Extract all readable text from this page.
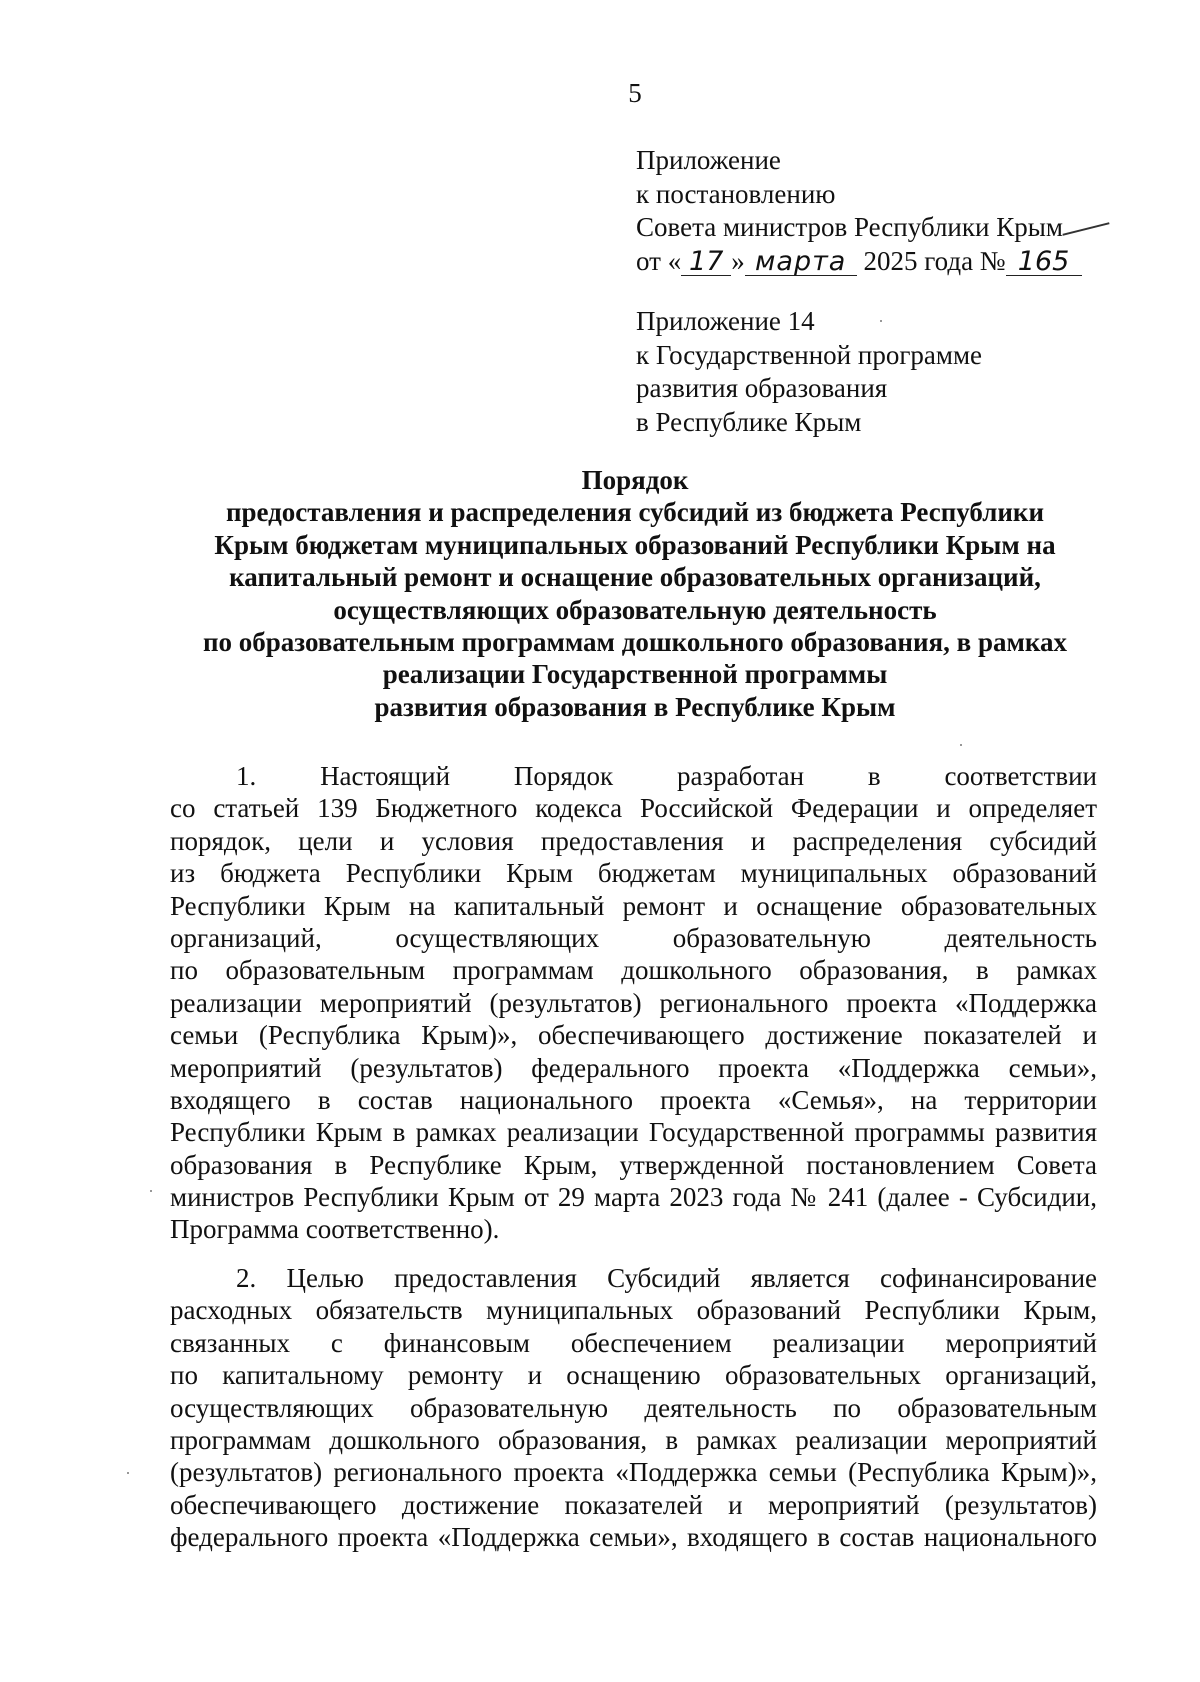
5

Приложение
к постановлению
Совета министров Республики Крым
от « 17 » марта 2025 года № 165
Приложение 14
к Государственной программе
развития образования
в Республике Крым
Порядок
предоставления и распределения субсидий из бюджета Республики
Крым бюджетам муниципальных образований Республики Крым на
капитальный ремонт и оснащение образовательных организаций,
осуществляющих образовательную деятельность
по образовательным программам дошкольного образования, в рамках
реализации Государственной программы
развития образования в Республике Крым
1. Настоящий Порядок разработан в соответствии
со статьей 139 Бюджетного кодекса Российской Федерации и определяет
порядок, цели и условия предоставления и распределения субсидий
из бюджета Республики Крым бюджетам муниципальных образований
Республики Крым на капитальный ремонт и оснащение образовательных
организаций, осуществляющих образовательную деятельность
по образовательным программам дошкольного образования, в рамках
реализации мероприятий (результатов) регионального проекта «Поддержка
семьи (Республика Крым)», обеспечивающего достижение показателей и
мероприятий (результатов) федерального проекта «Поддержка семьи»,
входящего в состав национального проекта «Семья», на территории
Республики Крым в рамках реализации Государственной программы развития
образования в Республике Крым, утвержденной постановлением Совета
министров Республики Крым от 29 марта 2023 года № 241 (далее - Субсидии,
Программа соответственно).
2. Целью предоставления Субсидий является софинансирование
расходных обязательств муниципальных образований Республики Крым,
связанных с финансовым обеспечением реализации мероприятий
по капитальному ремонту и оснащению образовательных организаций,
осуществляющих образовательную деятельность по образовательным
программам дошкольного образования, в рамках реализации мероприятий
(результатов) регионального проекта «Поддержка семьи (Республика Крым)»,
обеспечивающего достижение показателей и мероприятий (результатов)
федерального проекта «Поддержка семьи», входящего в состав национального
